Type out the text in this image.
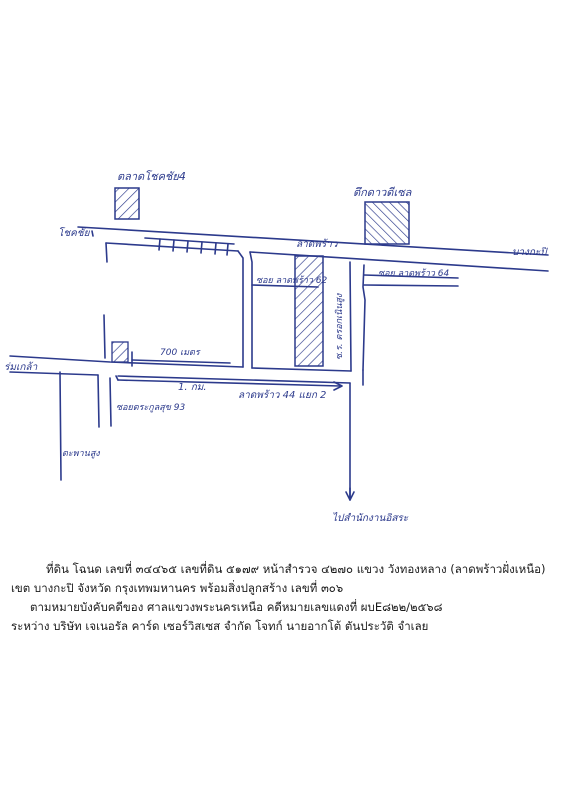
ตลาดโชคชัย4
ตึกดาวดีเซล
โชคชัย
ลาดพร้าว
บางกะปิ
ซอย ลาดพร้าว 64
ซอย ลาดพร้าว 62
ซ.ร. ตรอกเนินสูง
700 เมตร
ร่มเกล้า
1. กม.
ลาดพร้าว 44 แยก 2
ซอยตระกูลสุข 93
ตะพานสูง
ไปสำนักงานอิสระ
ที่ดิน โฉนด เลขที่ ๓๔๔๖๕ เลขที่ดิน ๕๑๗๙ หน้าสำรวจ ๔๒๗๐ แขวง วังทองหลาง (ลาดพร้าวฝั่งเหนือ)
เขต บางกะปิ จังหวัด กรุงเทพมหานคร พร้อมสิ่งปลูกสร้าง เลขที่ ๓๐๖
ตามหมายบังคับคดีของ ศาลแขวงพระนครเหนือ คดีหมายเลขแดงที่ ผบE๘๒๒/๒๕๖๘
ระหว่าง บริษัท เจเนอรัล คาร์ด เซอร์วิสเซส จำกัด โจทก์ นายอากโต้ ตันประวัติ จำเลย
